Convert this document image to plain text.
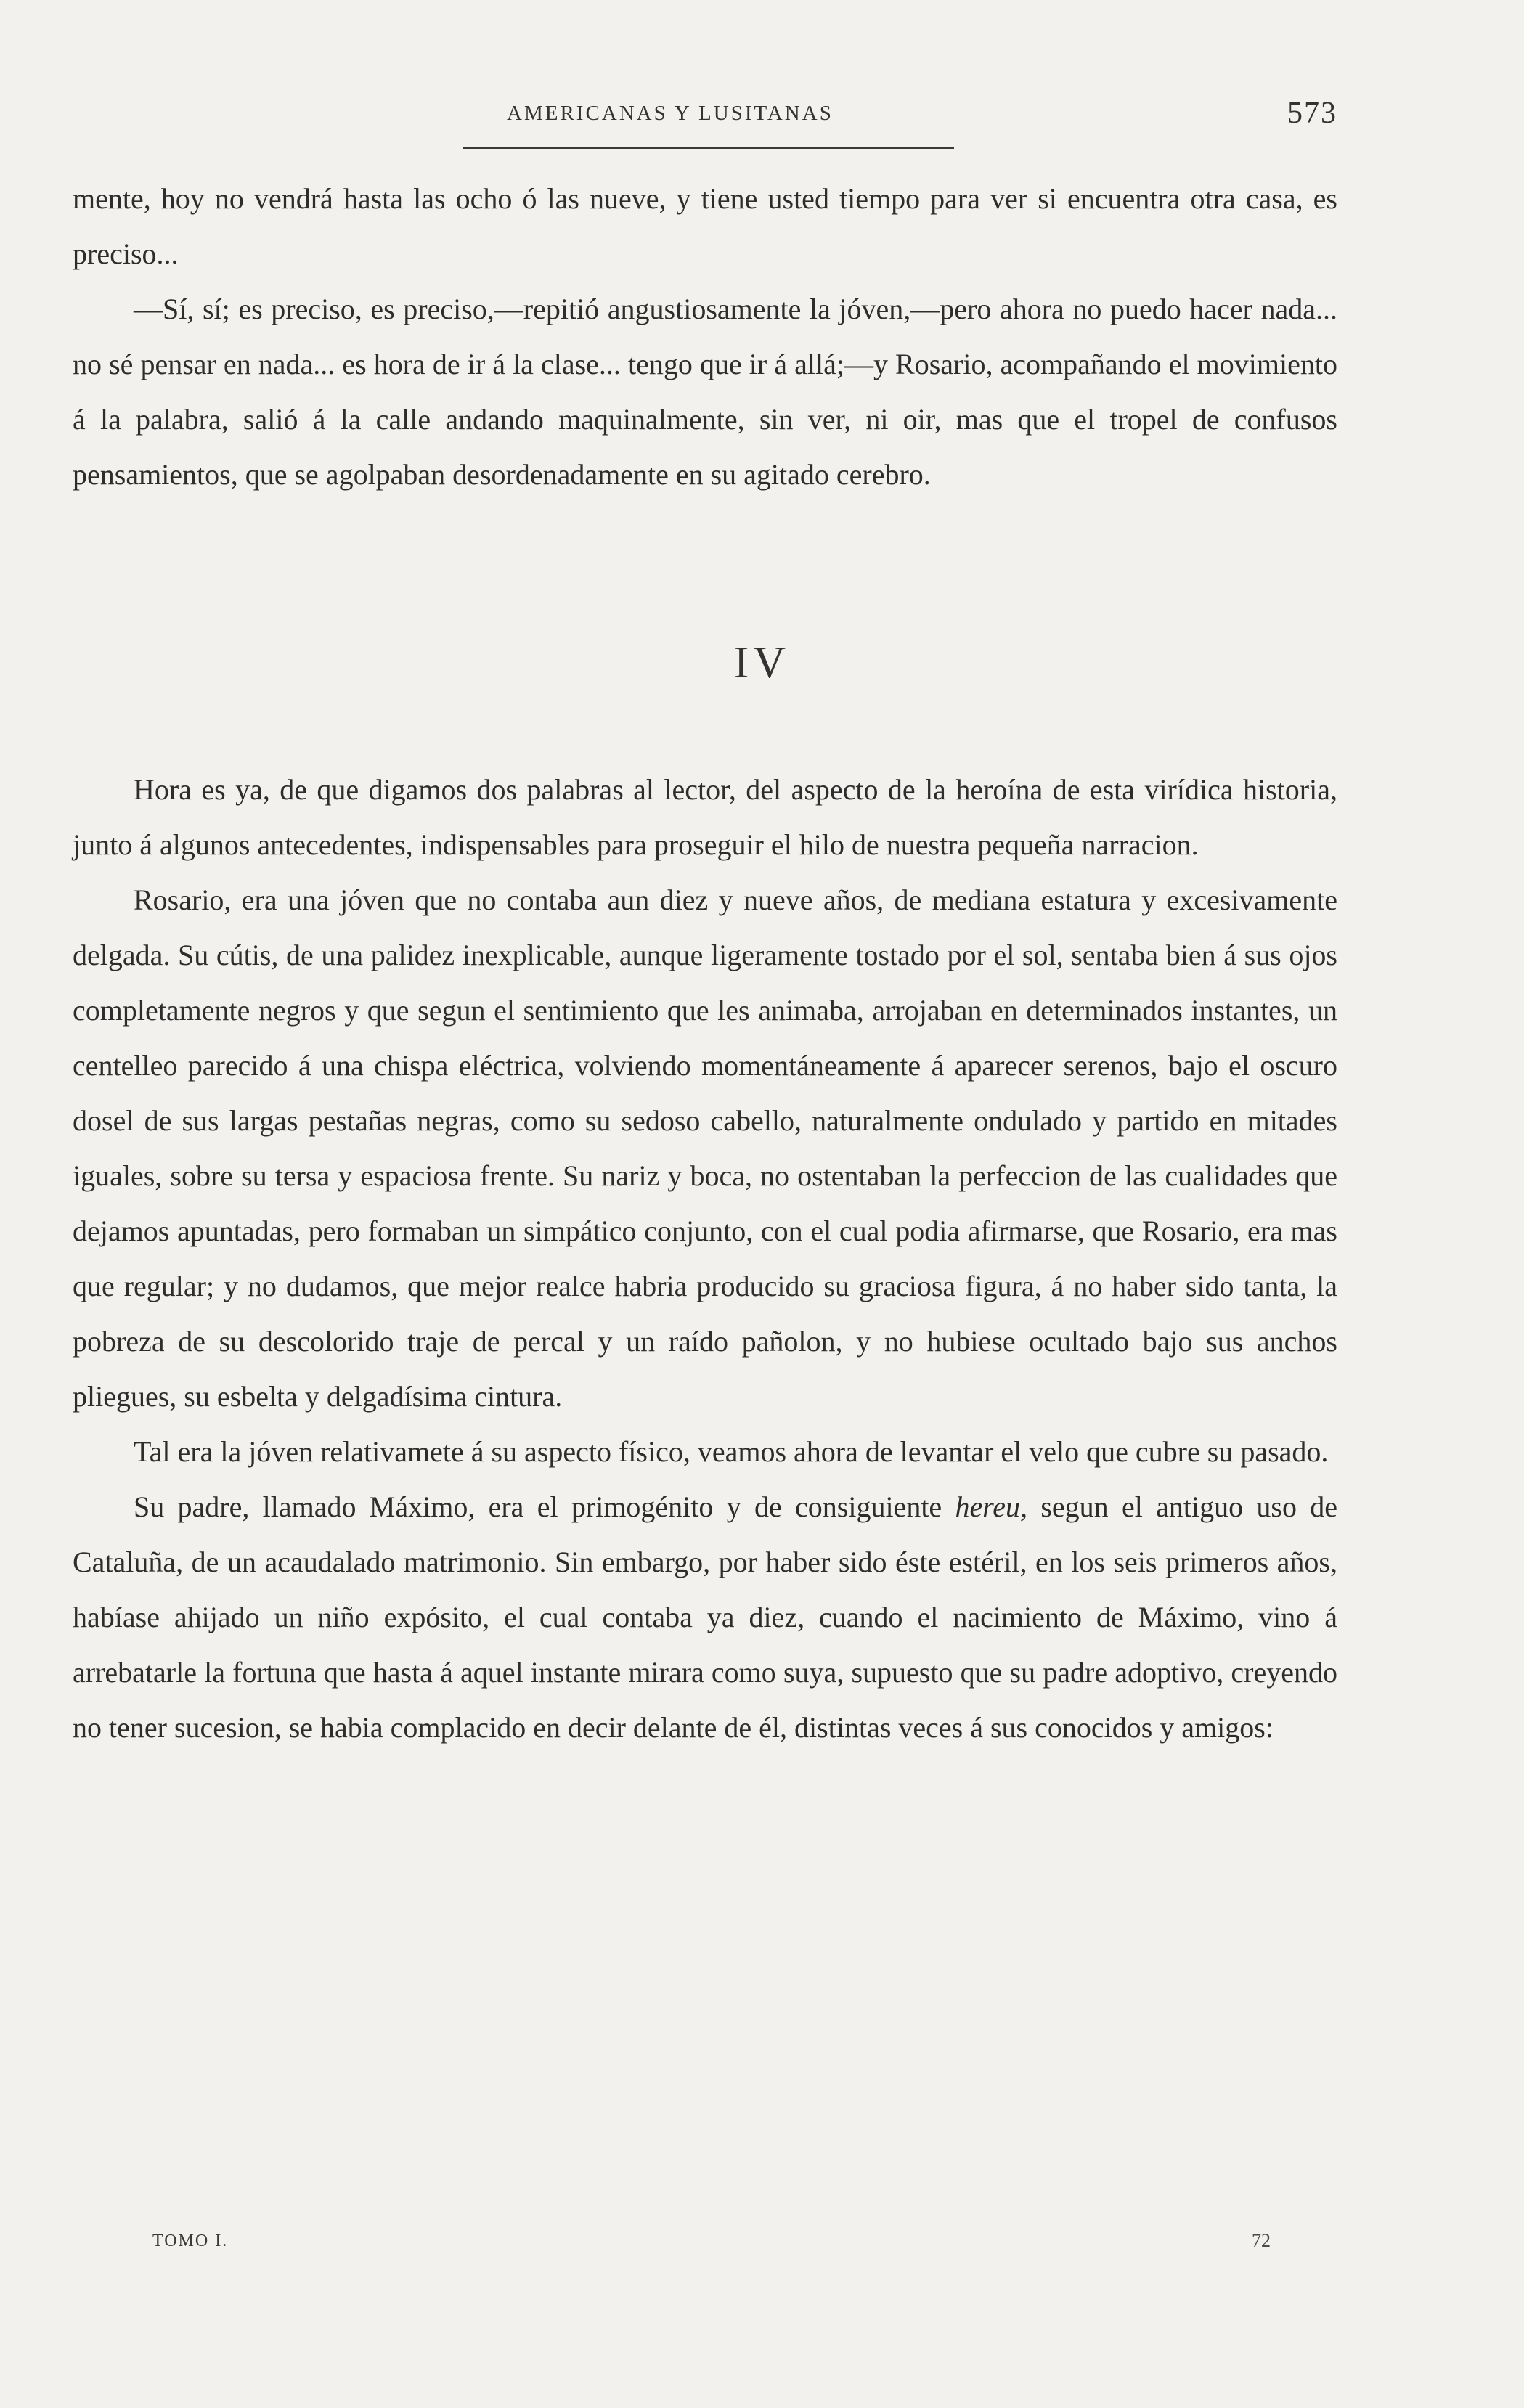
AMERICANAS Y LUSITANAS	573

mente, hoy no vendrá hasta las ocho ó las nueve, y tiene usted tiempo para ver si encuentra otra casa, es preciso...

—Sí, sí; es preciso, es preciso,—repitió angustiosamente la jóven,—pero ahora no puedo hacer nada... no sé pensar en nada... es hora de ir á la clase... tengo que ir á allá;—y Rosario, acompañando el movimiento á la palabra, salió á la calle andando maquinalmente, sin ver, ni oir, mas que el tropel de confusos pensamientos, que se agolpaban desordenadamente en su agitado cerebro.

IV

Hora es ya, de que digamos dos palabras al lector, del aspecto de la heroína de esta virídica historia, junto á algunos antecedentes, indispensables para proseguir el hilo de nuestra pequeña narracion.

Rosario, era una jóven que no contaba aun diez y nueve años, de mediana estatura y excesivamente delgada. Su cútis, de una palidez inexplicable, aunque ligeramente tostado por el sol, sentaba bien á sus ojos completamente negros y que segun el sentimiento que les animaba, arrojaban en determinados instantes, un centelleo parecido á una chispa eléctrica, volviendo momentáneamente á aparecer serenos, bajo el oscuro dosel de sus largas pestañas negras, como su sedoso cabello, naturalmente ondulado y partido en mitades iguales, sobre su tersa y espaciosa frente. Su nariz y boca, no ostentaban la perfeccion de las cualidades que dejamos apuntadas, pero formaban un simpático conjunto, con el cual podia afirmarse, que Rosario, era mas que regular; y no dudamos, que mejor realce habria producido su graciosa figura, á no haber sido tanta, la pobreza de su descolorido traje de percal y un raído pañolon, y no hubiese ocultado bajo sus anchos pliegues, su esbelta y delgadísima cintura.

Tal era la jóven relativamete á su aspecto físico, veamos ahora de levantar el velo que cubre su pasado.

Su padre, llamado Máximo, era el primogénito y de consiguiente hereu, segun el antiguo uso de Cataluña, de un acaudalado matrimonio. Sin embargo, por haber sido éste estéril, en los seis primeros años, habíase ahijado un niño expósito, el cual contaba ya diez, cuando el nacimiento de Máximo, vino á arrebatarle la fortuna que hasta á aquel instante mirara como suya, supuesto que su padre adoptivo, creyendo no tener sucesion, se habia complacido en decir delante de él, distintas veces á sus conocidos y amigos:

TOMO I.	72
